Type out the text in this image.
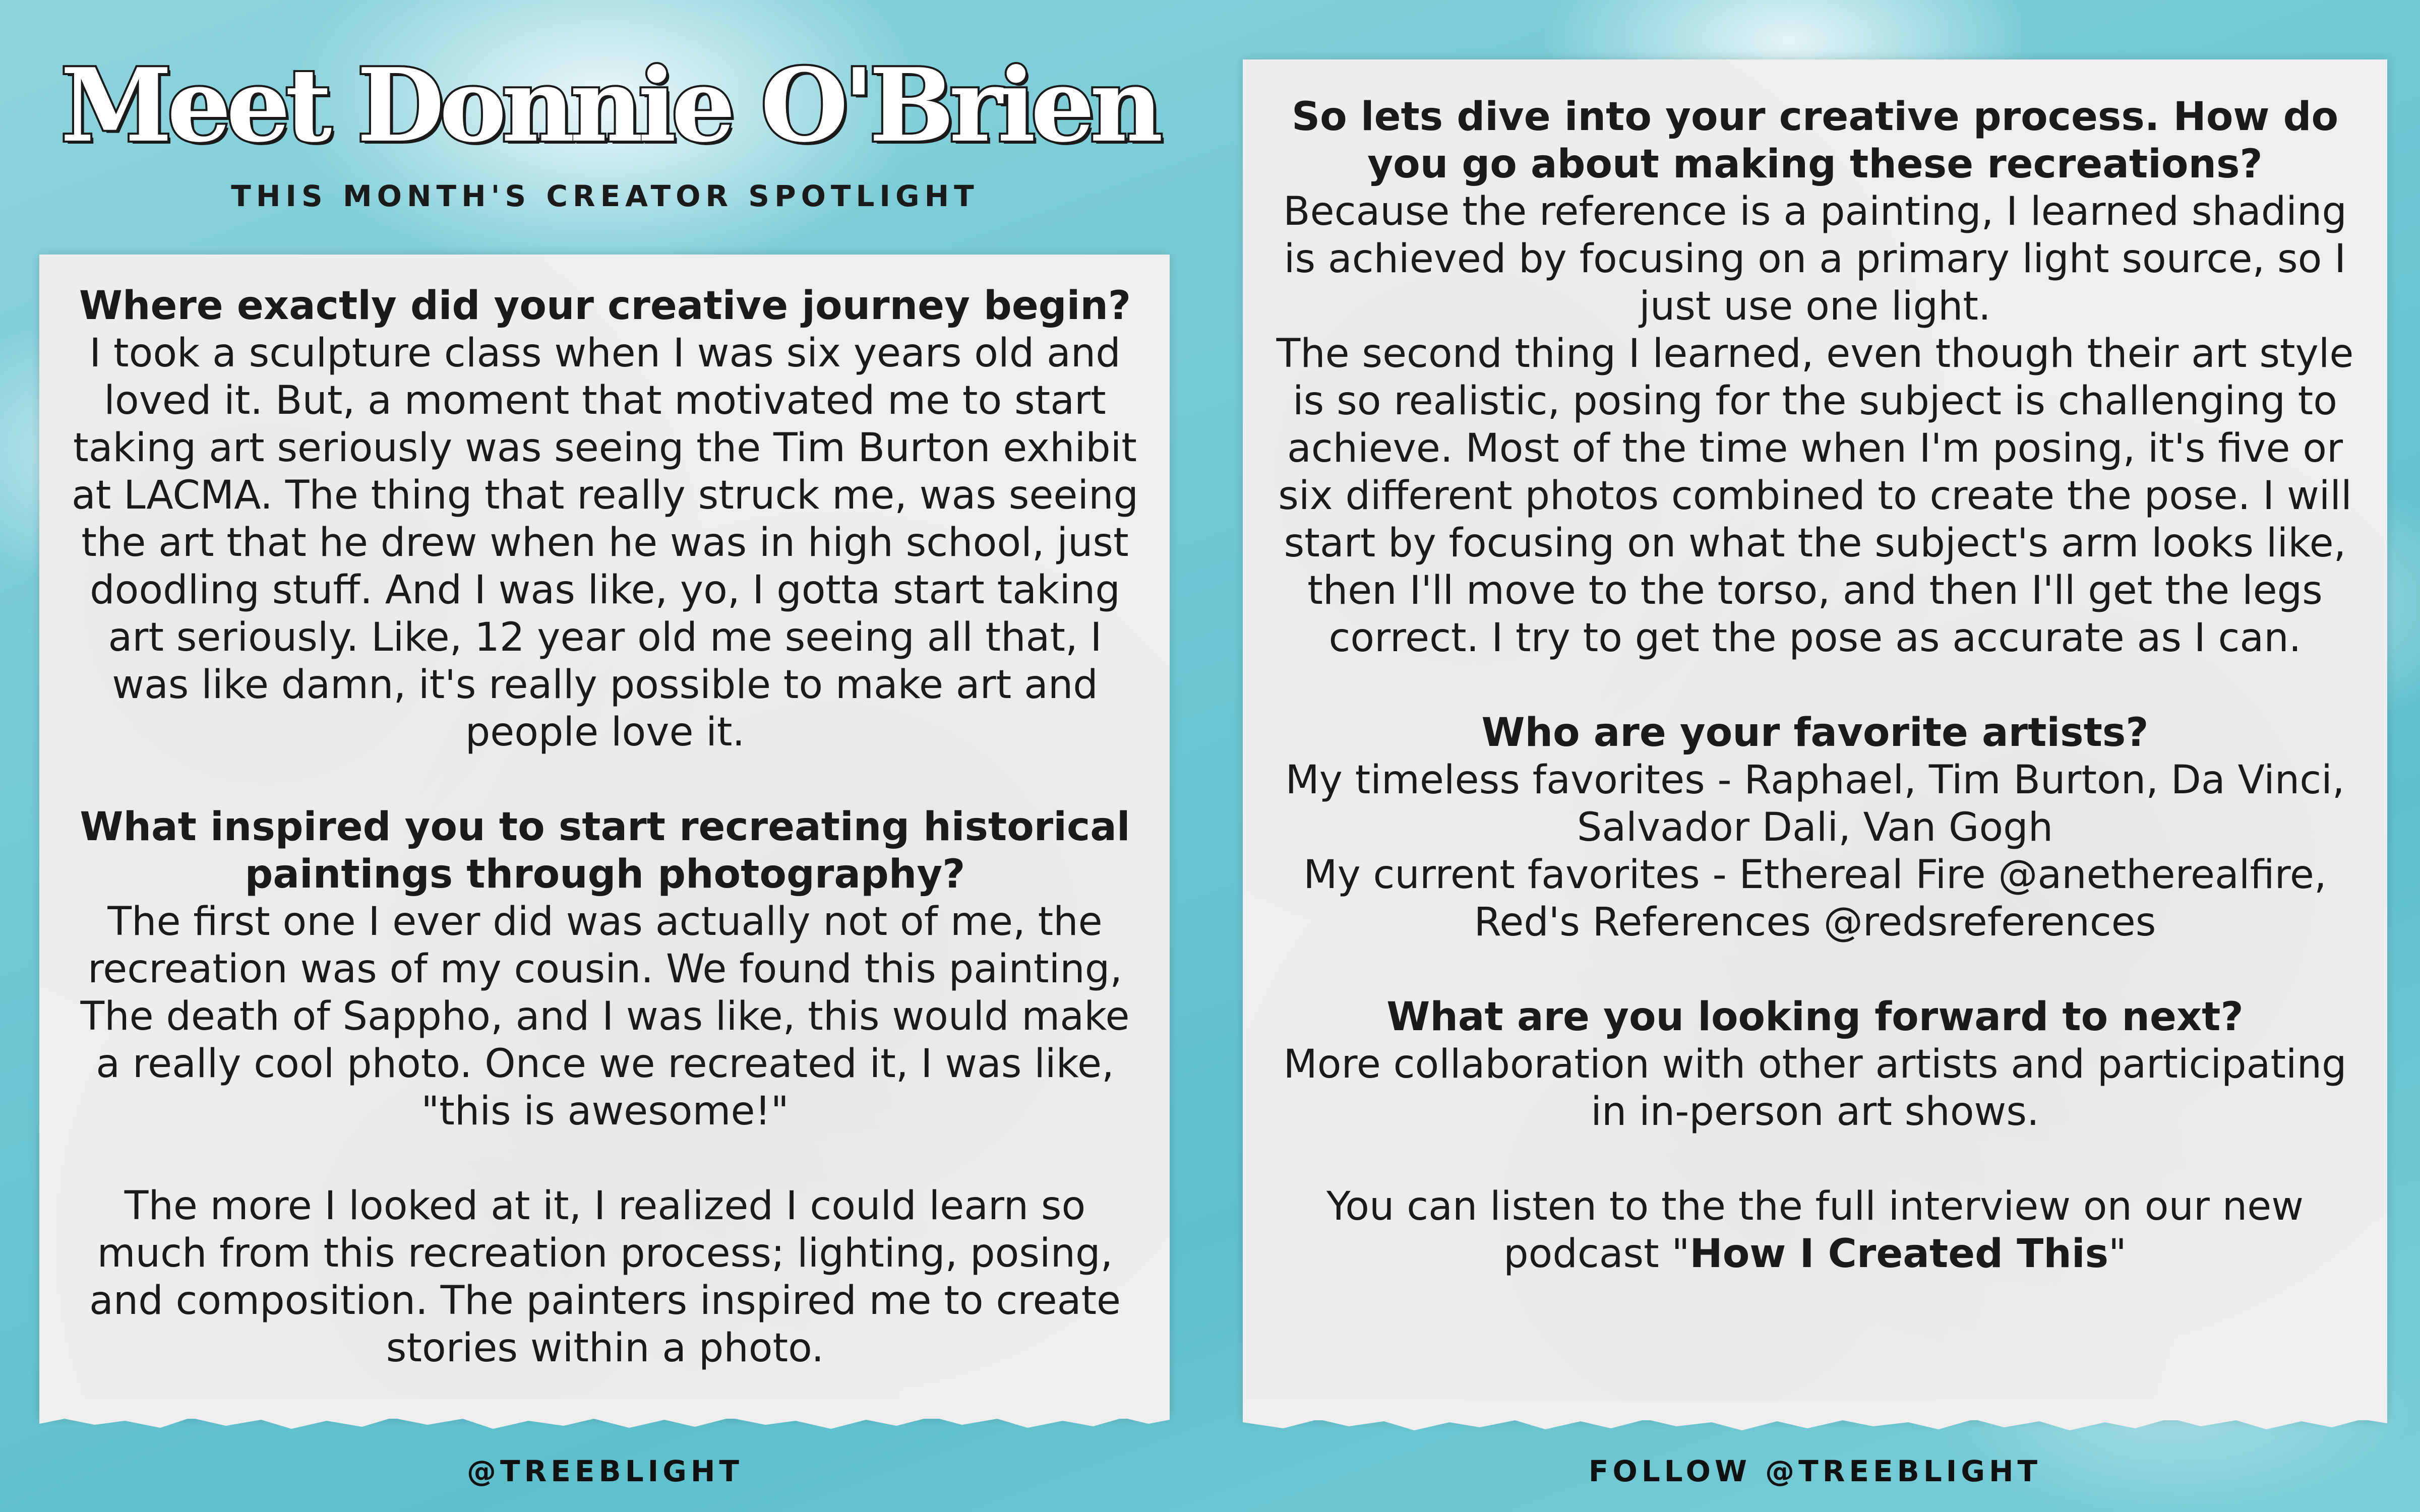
Meet Donnie O'Brien
THIS MONTH'S CREATOR SPOTLIGHT
Where exactly did your creative journey begin?
I took a sculpture class when I was six years old and loved it. But, a moment that motivated me to start taking art seriously was seeing the Tim Burton exhibit at LACMA. The thing that really struck me, was seeing the art that he drew when he was in high school, just doodling stuff. And I was like, yo, I gotta start taking art seriously. Like, 12 year old me seeing all that, I was like damn, it's really possible to make art and people love it.
What inspired you to start recreating historical paintings through photography?
The first one I ever did was actually not of me, the recreation was of my cousin. We found this painting, The death of Sappho, and I was like, this would make a really cool photo. Once we recreated it, I was like, "this is awesome!"
The more I looked at it, I realized I could learn so much from this recreation process; lighting, posing, and composition. The painters inspired me to create stories within a photo.
So lets dive into your creative process. How do you go about making these recreations?
Because the reference is a painting, I learned shading is achieved by focusing on a primary light source, so I just use one light.
The second thing I learned, even though their art style is so realistic, posing for the subject is challenging to achieve. Most of the time when I'm posing, it's five or six different photos combined to create the pose. I will start by focusing on what the subject's arm looks like, then I'll move to the torso, and then I'll get the legs correct. I try to get the pose as accurate as I can.
Who are your favorite artists?
My timeless favorites - Raphael, Tim Burton, Da Vinci, Salvador Dali, Van Gogh
My current favorites - Ethereal Fire @anetherealfire, Red's References @redsreferences
What are you looking forward to next?
More collaboration with other artists and participating in in-person art shows.
You can listen to the the full interview on our new podcast "How I Created This"
@TREEBLIGHT	FOLLOW @TREEBLIGHT
